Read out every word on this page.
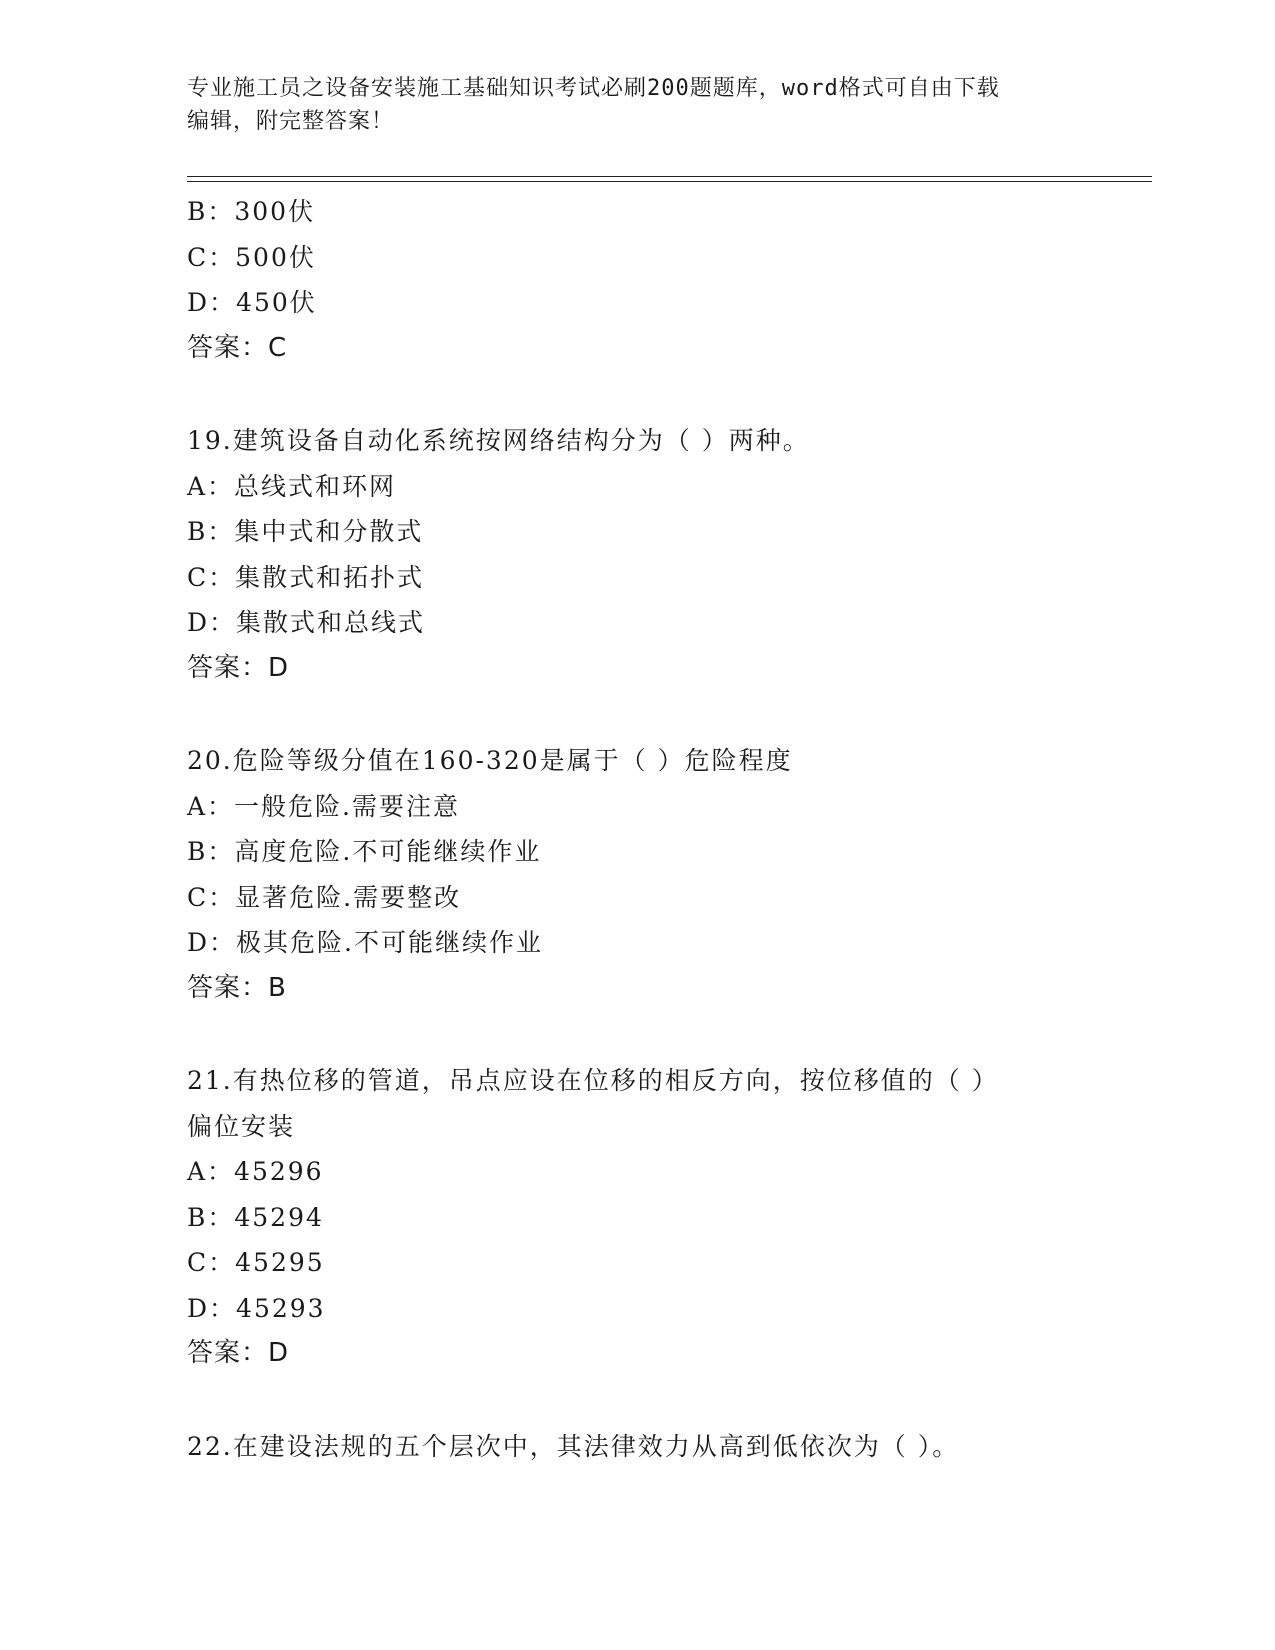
专业施工员之设备安装施工基础知识考试必刷200题题库，word格式可自由下载
编辑，附完整答案！
B：300伏
C：500伏
D：450伏
答案：C
19.建筑设备自动化系统按网络结构分为（ ）两种。
A：总线式和环网
B：集中式和分散式
C：集散式和拓扑式
D：集散式和总线式
答案：D
20.危险等级分值在160-320是属于（ ）危险程度
A：一般危险.需要注意
B：高度危险.不可能继续作业
C：显著危险.需要整改
D：极其危险.不可能继续作业
答案：B
21.有热位移的管道，吊点应设在位移的相反方向，按位移值的（ ）
偏位安装
A：45296
B：45294
C：45295
D：45293
答案：D
22.在建设法规的五个层次中，其法律效力从高到低依次为（ ）。
